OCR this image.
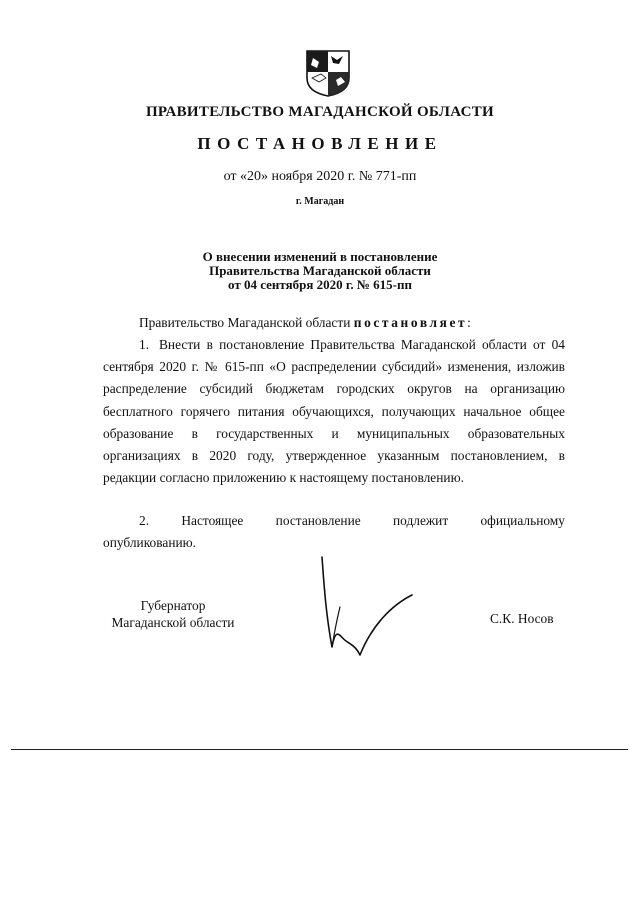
ПРАВИТЕЛЬСТВО МАГАДАНСКОЙ ОБЛАСТИ
ПОСТАНОВЛЕНИЕ
от «20» ноября 2020 г. № 771-пп
г. Магадан
О внесении изменений в постановление
Правительства Магаданской области
от 04 сентября 2020 г. № 615-пп
Правительство Магаданской области постановляет:
1. Внести в постановление Правительства Магаданской области от 04 сентября 2020 г. № 615-пп «О распределении субсидий» изменения, изложив распределение субсидий бюджетам городских округов на организацию бесплатного горячего питания обучающихся, получающих начальное общее образование в государственных и муниципальных образовательных организациях в 2020 году, утвержденное указанным постановлением, в редакции согласно приложению к настоящему постановлению.
2. Настоящее постановление подлежит официальному
опубликованию.
Губернатор
Магаданской области	С.К. Носов
